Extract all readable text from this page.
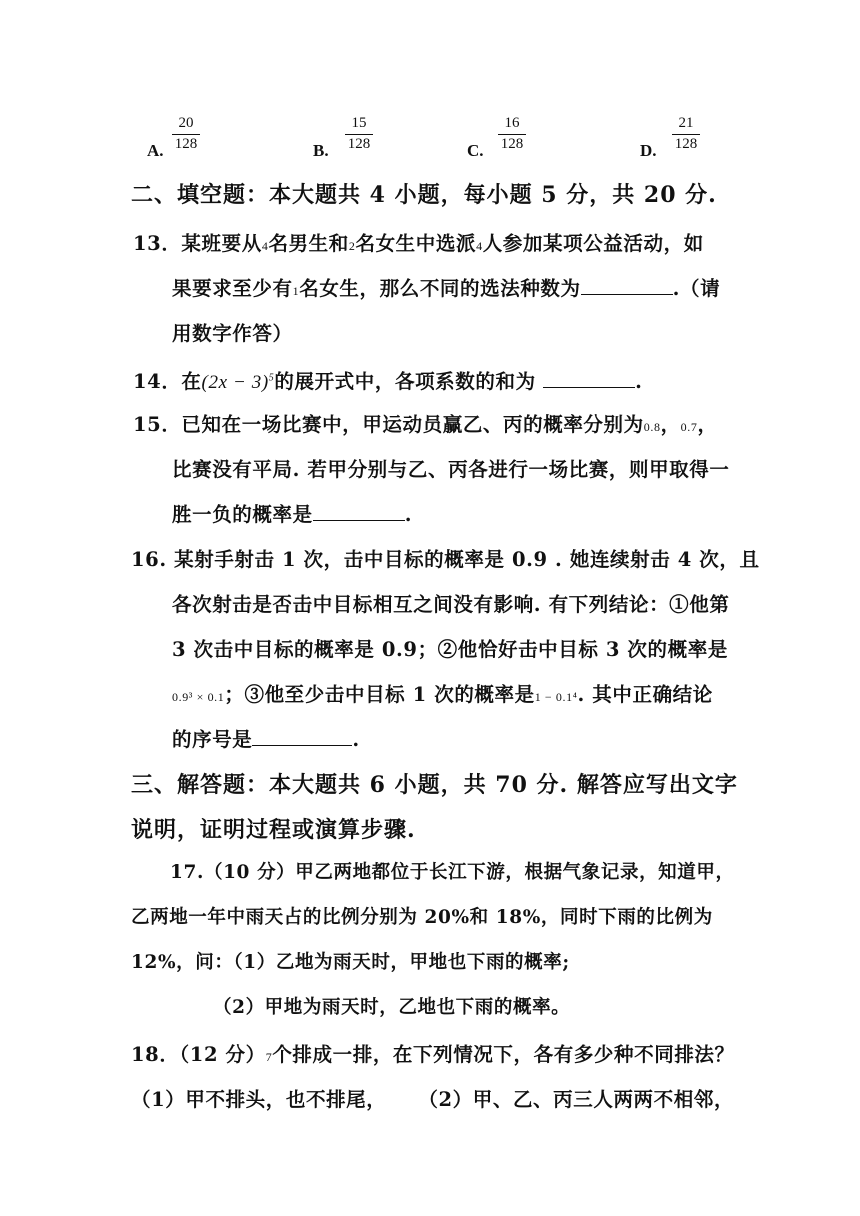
20
128
A.
15
128
B.
16
128
C.
21
128
D.
二、填空题：本大题共 4 小题，每小题 5 分，共 20 分.
13．某班要从4名男生和2名女生中选派4人参加某项公益活动，如
果要求至少有1名女生，那么不同的选法种数为	.（请
用数字作答）
14．在$(2x - 3)^5$的展开式中，各项系数的和为	.
15．已知在一场比赛中，甲运动员赢乙、丙的概率分别为0.8，0.7，
比赛没有平局. 若甲分别与乙、丙各进行一场比赛，则甲取得一
胜一负的概率是	.
16. 某射手射击 1 次，击中目标的概率是 0.9 . 她连续射击 4 次，且
各次射击是否击中目标相互之间没有影响. 有下列结论：①他第
3 次击中目标的概率是 0.9；②他恰好击中目标 3 次的概率是
0.9³ × 0.1；③他至少击中目标 1 次的概率是1 − 0.1⁴. 其中正确结论
的序号是	.
三、解答题：本大题共 6 小题，共 70 分. 解答应写出文字
说明，证明过程或演算步骤.
17.（10 分）甲乙两地都位于长江下游，根据气象记录，知道甲，
乙两地一年中雨天占的比例分别为 20%和 18%，同时下雨的比例为
12%，问：（1）乙地为雨天时，甲地也下雨的概率;
（2）甲地为雨天时，乙地也下雨的概率。
18．（12 分）7个排成一排，在下列情况下，各有多少种不同排法？
（1）甲不排头，也不排尾， （2）甲、乙、丙三人两两不相邻，
